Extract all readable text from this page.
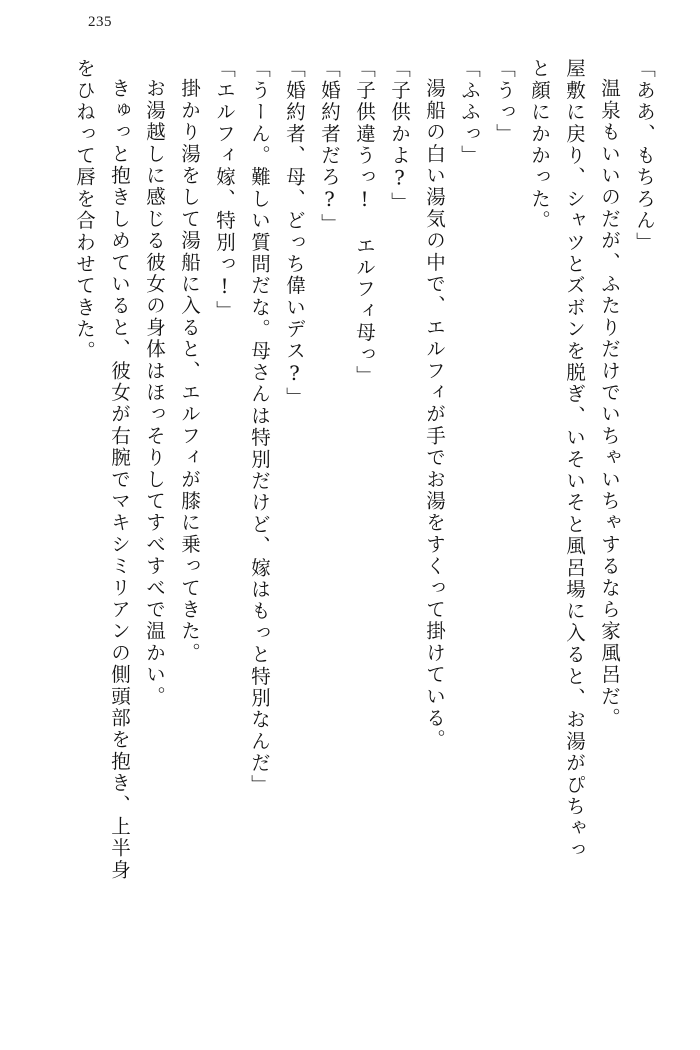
235
「ああ、もちろん」
温泉もいいのだが、ふたりだけでいちゃいちゃするなら家風呂だ。
屋敷に戻り、シャツとズボンを脱ぎ、いそいそと風呂場に入ると、お湯がぴちゃっ
と顔にかかった。
「うっ」
「ふふっ」
湯船の白い湯気の中で、エルフィが手でお湯をすくって掛けている。
「子供かよ?」
「子供違うっ!　エルフィ母っ」
「婚約者だろ?」
「婚約者、母、どっち偉いデス?」
「うーん。難しい質問だな。母さんは特別だけど、嫁はもっと特別なんだ」
「エルフィ嫁、特別っ!」
掛かり湯をして湯船に入ると、エルフィが膝に乗ってきた。
お湯越しに感じる彼女の身体はほっそりしてすべすべで温かい。
きゅっと抱きしめていると、彼女が右腕でマキシミリアンの側頭部を抱き、上半身
をひねって唇を合わせてきた。
